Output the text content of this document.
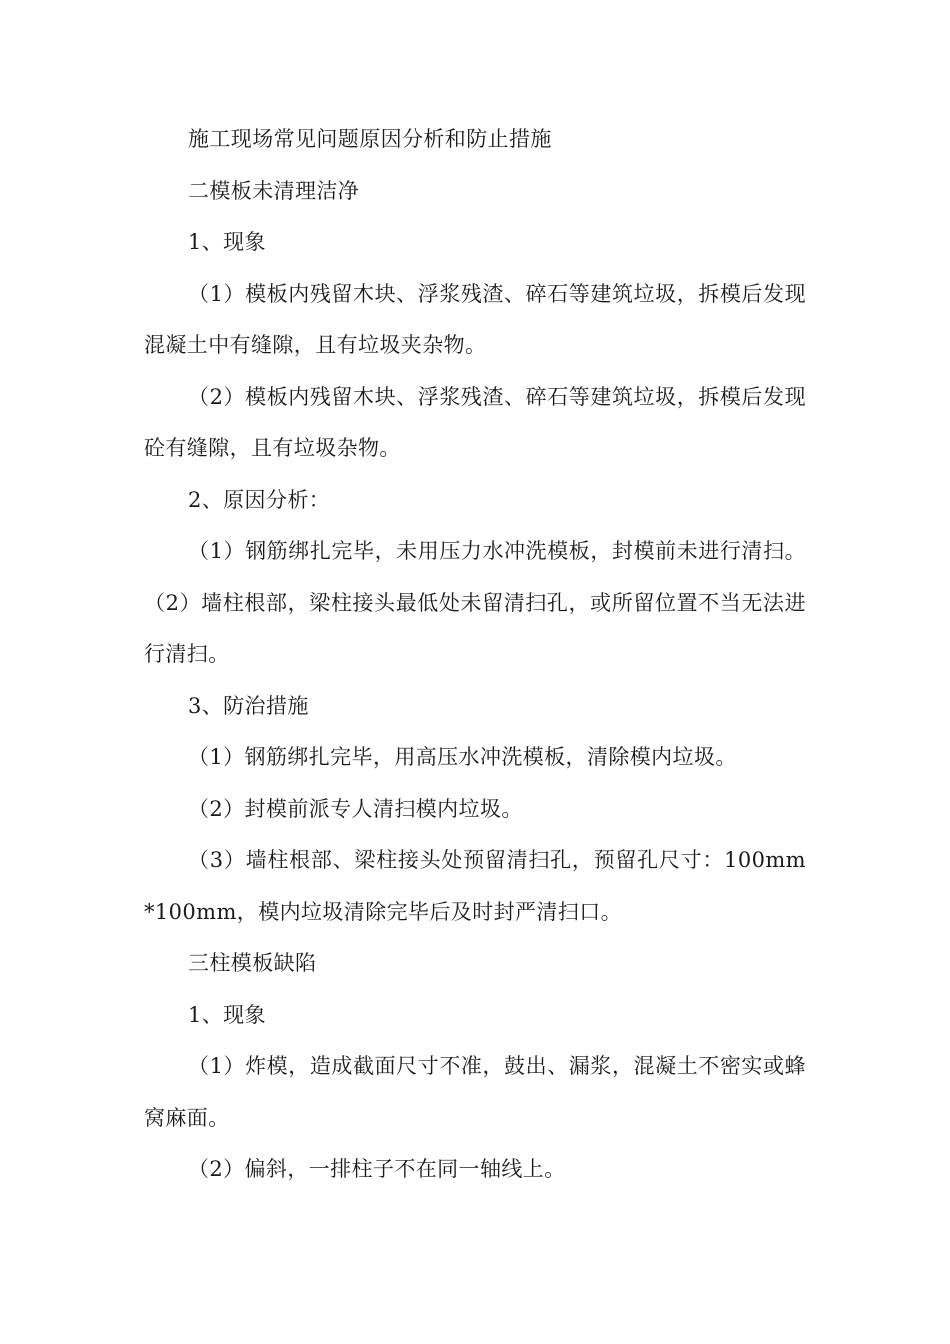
施工现场常见问题原因分析和防止措施

二模板未清理洁净

1、现象

（1）模板内残留木块、浮浆残渣、碎石等建筑垃圾，拆模后发现混凝土中有缝隙，且有垃圾夹杂物。

（2）模板内残留木块、浮浆残渣、碎石等建筑垃圾，拆模后发现砼有缝隙，且有垃圾杂物。

2、原因分析：

（1）钢筋绑扎完毕，未用压力水冲洗模板，封模前未进行清扫。（2）墙柱根部，梁柱接头最低处未留清扫孔，或所留位置不当无法进行清扫。

3、防治措施

（1）钢筋绑扎完毕，用高压水冲洗模板，清除模内垃圾。

（2）封模前派专人清扫模内垃圾。

（3）墙柱根部、梁柱接头处预留清扫孔，预留孔尺寸：100mm*100mm，模内垃圾清除完毕后及时封严清扫口。

三柱模板缺陷

1、现象

（1）炸模，造成截面尺寸不准，鼓出、漏浆，混凝土不密实或蜂窝麻面。

（2）偏斜，一排柱子不在同一轴线上。
